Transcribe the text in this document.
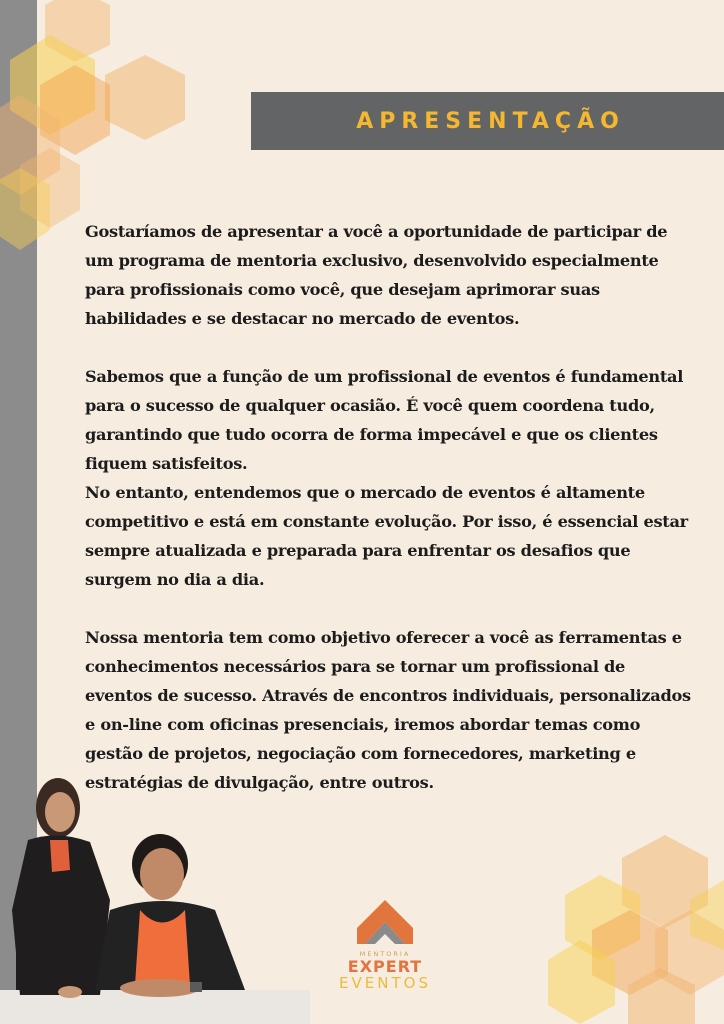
APRESENTAÇÃO

Gostaríamos de apresentar a você a oportunidade de participar de um programa de mentoria exclusivo, desenvolvido especialmente para profissionais como você, que desejam aprimorar suas habilidades e se destacar no mercado de eventos.

Sabemos que a função de um profissional de eventos é fundamental para o sucesso de qualquer ocasião. É você quem coordena tudo, garantindo que tudo ocorra de forma impecável e que os clientes fiquem satisfeitos.

No entanto, entendemos que o mercado de eventos é altamente competitivo e está em constante evolução. Por isso, é essencial estar sempre atualizada e preparada para enfrentar os desafios que surgem no dia a dia.

Nossa mentoria tem como objetivo oferecer a você as ferramentas e conhecimentos necessários para se tornar um profissional de eventos de sucesso. Através de encontros individuais, personalizados e on-line com oficinas presenciais, iremos abordar temas como gestão de projetos, negociação com fornecedores, marketing e estratégias de divulgação, entre outros.

MENTORIA
EXPERT
EVENTOS
